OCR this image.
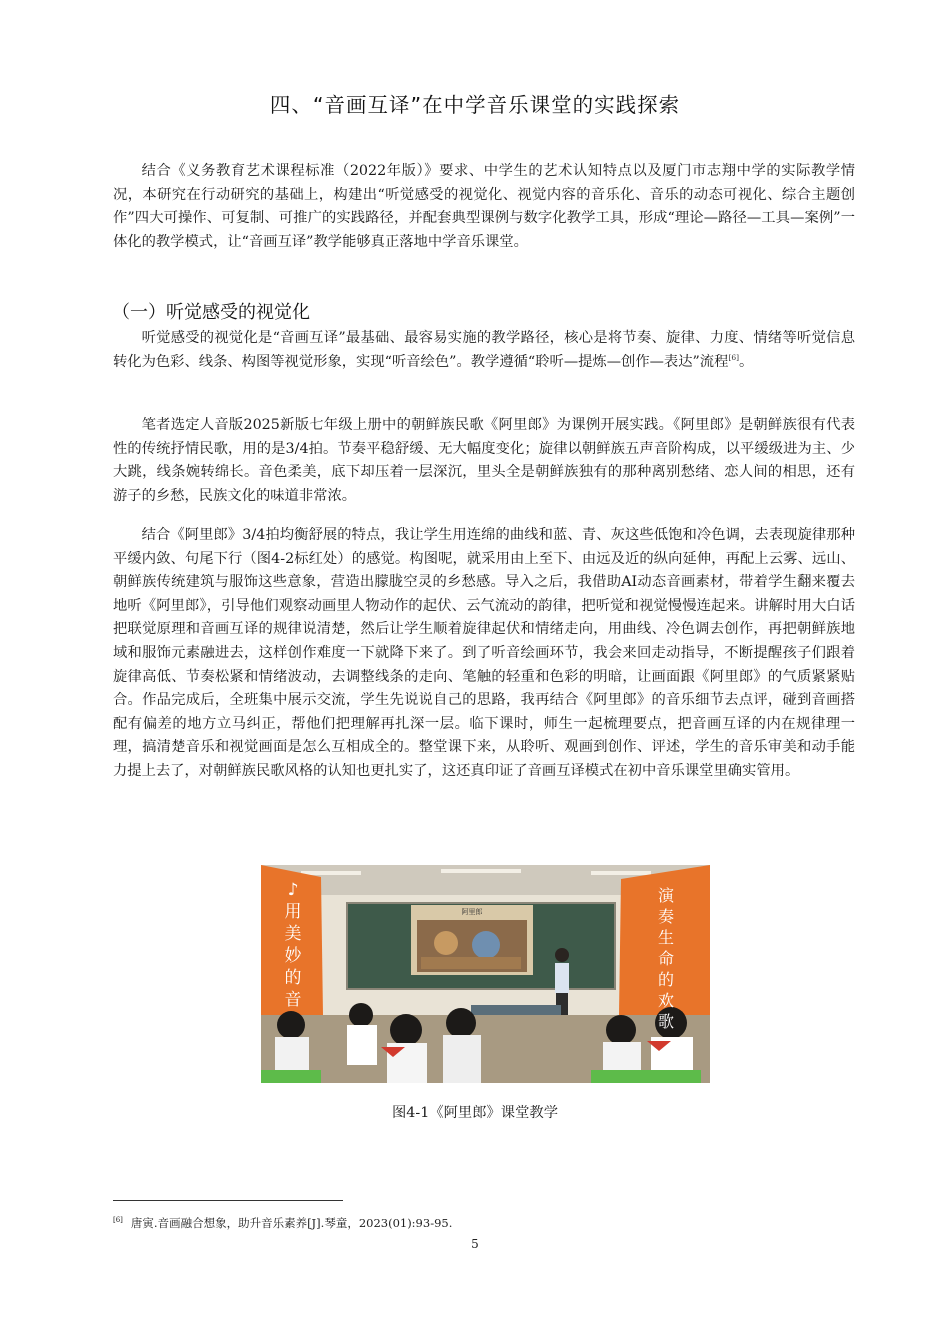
四、“音画互译”在中学音乐课堂的实践探索

结合《义务教育艺术课程标准（2022年版）》要求、中学生的艺术认知特点以及厦门市志翔中学的实际教学情况，本研究在行动研究的基础上，构建出“听觉感受的视觉化、视觉内容的音乐化、音乐的动态可视化、综合主题创作”四大可操作、可复制、可推广的实践路径，并配套典型课例与数字化教学工具，形成“理论—路径—工具—案例”一体化的教学模式，让“音画互译”教学能够真正落地中学音乐课堂。

（一）听觉感受的视觉化

听觉感受的视觉化是“音画互译”最基础、最容易实施的教学路径，核心是将节奏、旋律、力度、情绪等听觉信息转化为色彩、线条、构图等视觉形象，实现“听音绘色”。教学遵循“聆听—提炼—创作—表达”流程[6]。

笔者选定人音版2025新版七年级上册中的朝鲜族民歌《阿里郎》为课例开展实践。《阿里郎》是朝鲜族很有代表性的传统抒情民歌，用的是3/4拍。节奏平稳舒缓、无大幅度变化；旋律以朝鲜族五声音阶构成，以平缓级进为主、少大跳，线条婉转绵长。音色柔美，底下却压着一层深沉，里头全是朝鲜族独有的那种离别愁绪、恋人间的相思，还有游子的乡愁，民族文化的味道非常浓。

结合《阿里郎》3/4拍均衡舒展的特点，我让学生用连绵的曲线和蓝、青、灰这些低饱和冷色调，去表现旋律那种平缓内敛、句尾下行（图4-2标红处）的感觉。构图呢，就采用由上至下、由远及近的纵向延伸，再配上云雾、远山、朝鲜族传统建筑与服饰这些意象，营造出朦胧空灵的乡愁感。导入之后，我借助AI动态音画素材，带着学生翻来覆去地听《阿里郎》，引导他们观察动画里人物动作的起伏、云气流动的韵律，把听觉和视觉慢慢连起来。讲解时用大白话把联觉原理和音画互译的规律说清楚，然后让学生顺着旋律起伏和情绪走向，用曲线、冷色调去创作，再把朝鲜族地域和服饰元素融进去，这样创作难度一下就降下来了。到了听音绘画环节，我会来回走动指导，不断提醒孩子们跟着旋律高低、节奏松紧和情绪波动，去调整线条的走向、笔触的轻重和色彩的明暗，让画面跟《阿里郎》的气质紧紧贴合。作品完成后，全班集中展示交流，学生先说说自己的思路，我再结合《阿里郎》的音乐细节去点评，碰到音画搭配有偏差的地方立马纠正，帮他们把理解再扎深一层。临下课时，师生一起梳理要点，把音画互译的内在规律理一理，搞清楚音乐和视觉画面是怎么互相成全的。整堂课下来，从聆听、观画到创作、评述，学生的音乐审美和动手能力提上去了，对朝鲜族民歌风格的认知也更扎实了，这还真印证了音画互译模式在初中音乐课堂里确实管用。

♪
用
美
妙
的
音
演
奏
生
命
的
欢
歌
阿里郎
图4-1《阿里郎》课堂教学
[6] 唐寅.音画融合想象，助升音乐素养[J].琴童，2023(01):93-95.
5
